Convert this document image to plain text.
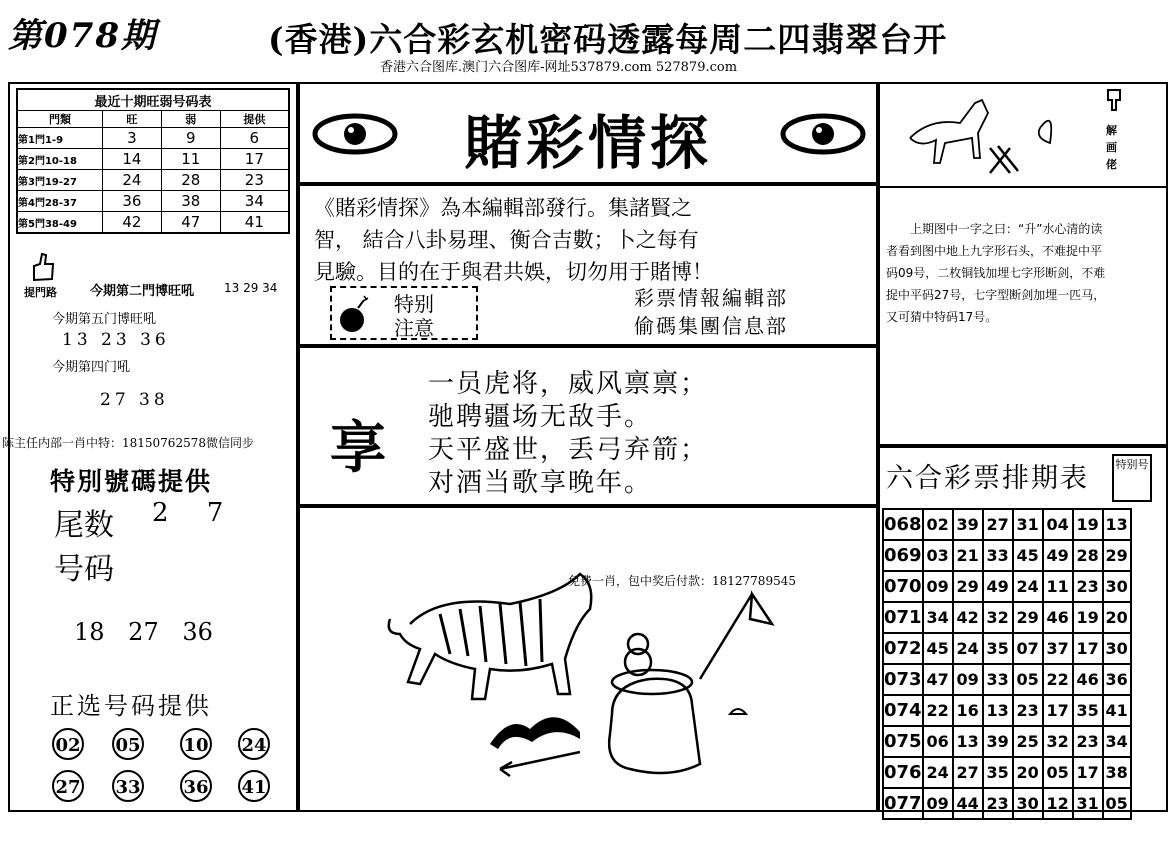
第078期	(香港)六合彩玄机密码透露每周二四翡翠台开
香港六合图库.澳门六合图库-网址537879.com 527879.com
最近十期旺弱号码表			
門類	旺	弱	提供
第1門1-9	3	9	6
第2門10-18	14	11	17
第3門19-27	24	28	23
第4門28-37	36	38	34
第5門38-49	42	47	41
提門路	今期第二門博旺吼 13 29 34
今期第五门博旺吼
13 23 36
今期第四门吼
27 38
陈主任内部一肖中特：18150762578微信同步
特別號碼提供
尾数 2 7
号码
18 27 36
正选号码提供
02 05 10 24
27 33 36 41
賭彩情探
《賭彩情探》為本編輯部發行。集諸賢之
智， 結合八卦易理、衡合吉數；卜之每有
見驗。目的在于與君共娛，切勿用于賭博！
特别
注意
彩票情報編輯部
偷碼集團信息部
享
一员虎将，威风禀禀；
驰聘疆场无敌手。
天平盛世，丢弓弃箭；
对酒当歌享晚年。
免费一肖，包中奖后付款：18127789545
解画佬
上期图中一字之曰：“升”水心清的读者看到图中地上九字形石头，不难捉中平码09号，二枚铜钱加埋七字形断剑，不难捉中平码27号，七字型断剑加埋一匹马，又可猜中特码17号。
六合彩票排期表	特别号
068	02	39	27	31	04	19	13
069	03	21	33	45	49	28	29
070	09	29	49	24	11	23	30
071	34	42	32	29	46	19	20
072	45	24	35	07	37	17	30
073	47	09	33	05	22	46	36
074	22	16	13	23	17	35	41
075	06	13	39	25	32	23	34
076	24	27	35	20	05	17	38
077	09	44	23	30	12	31	05
